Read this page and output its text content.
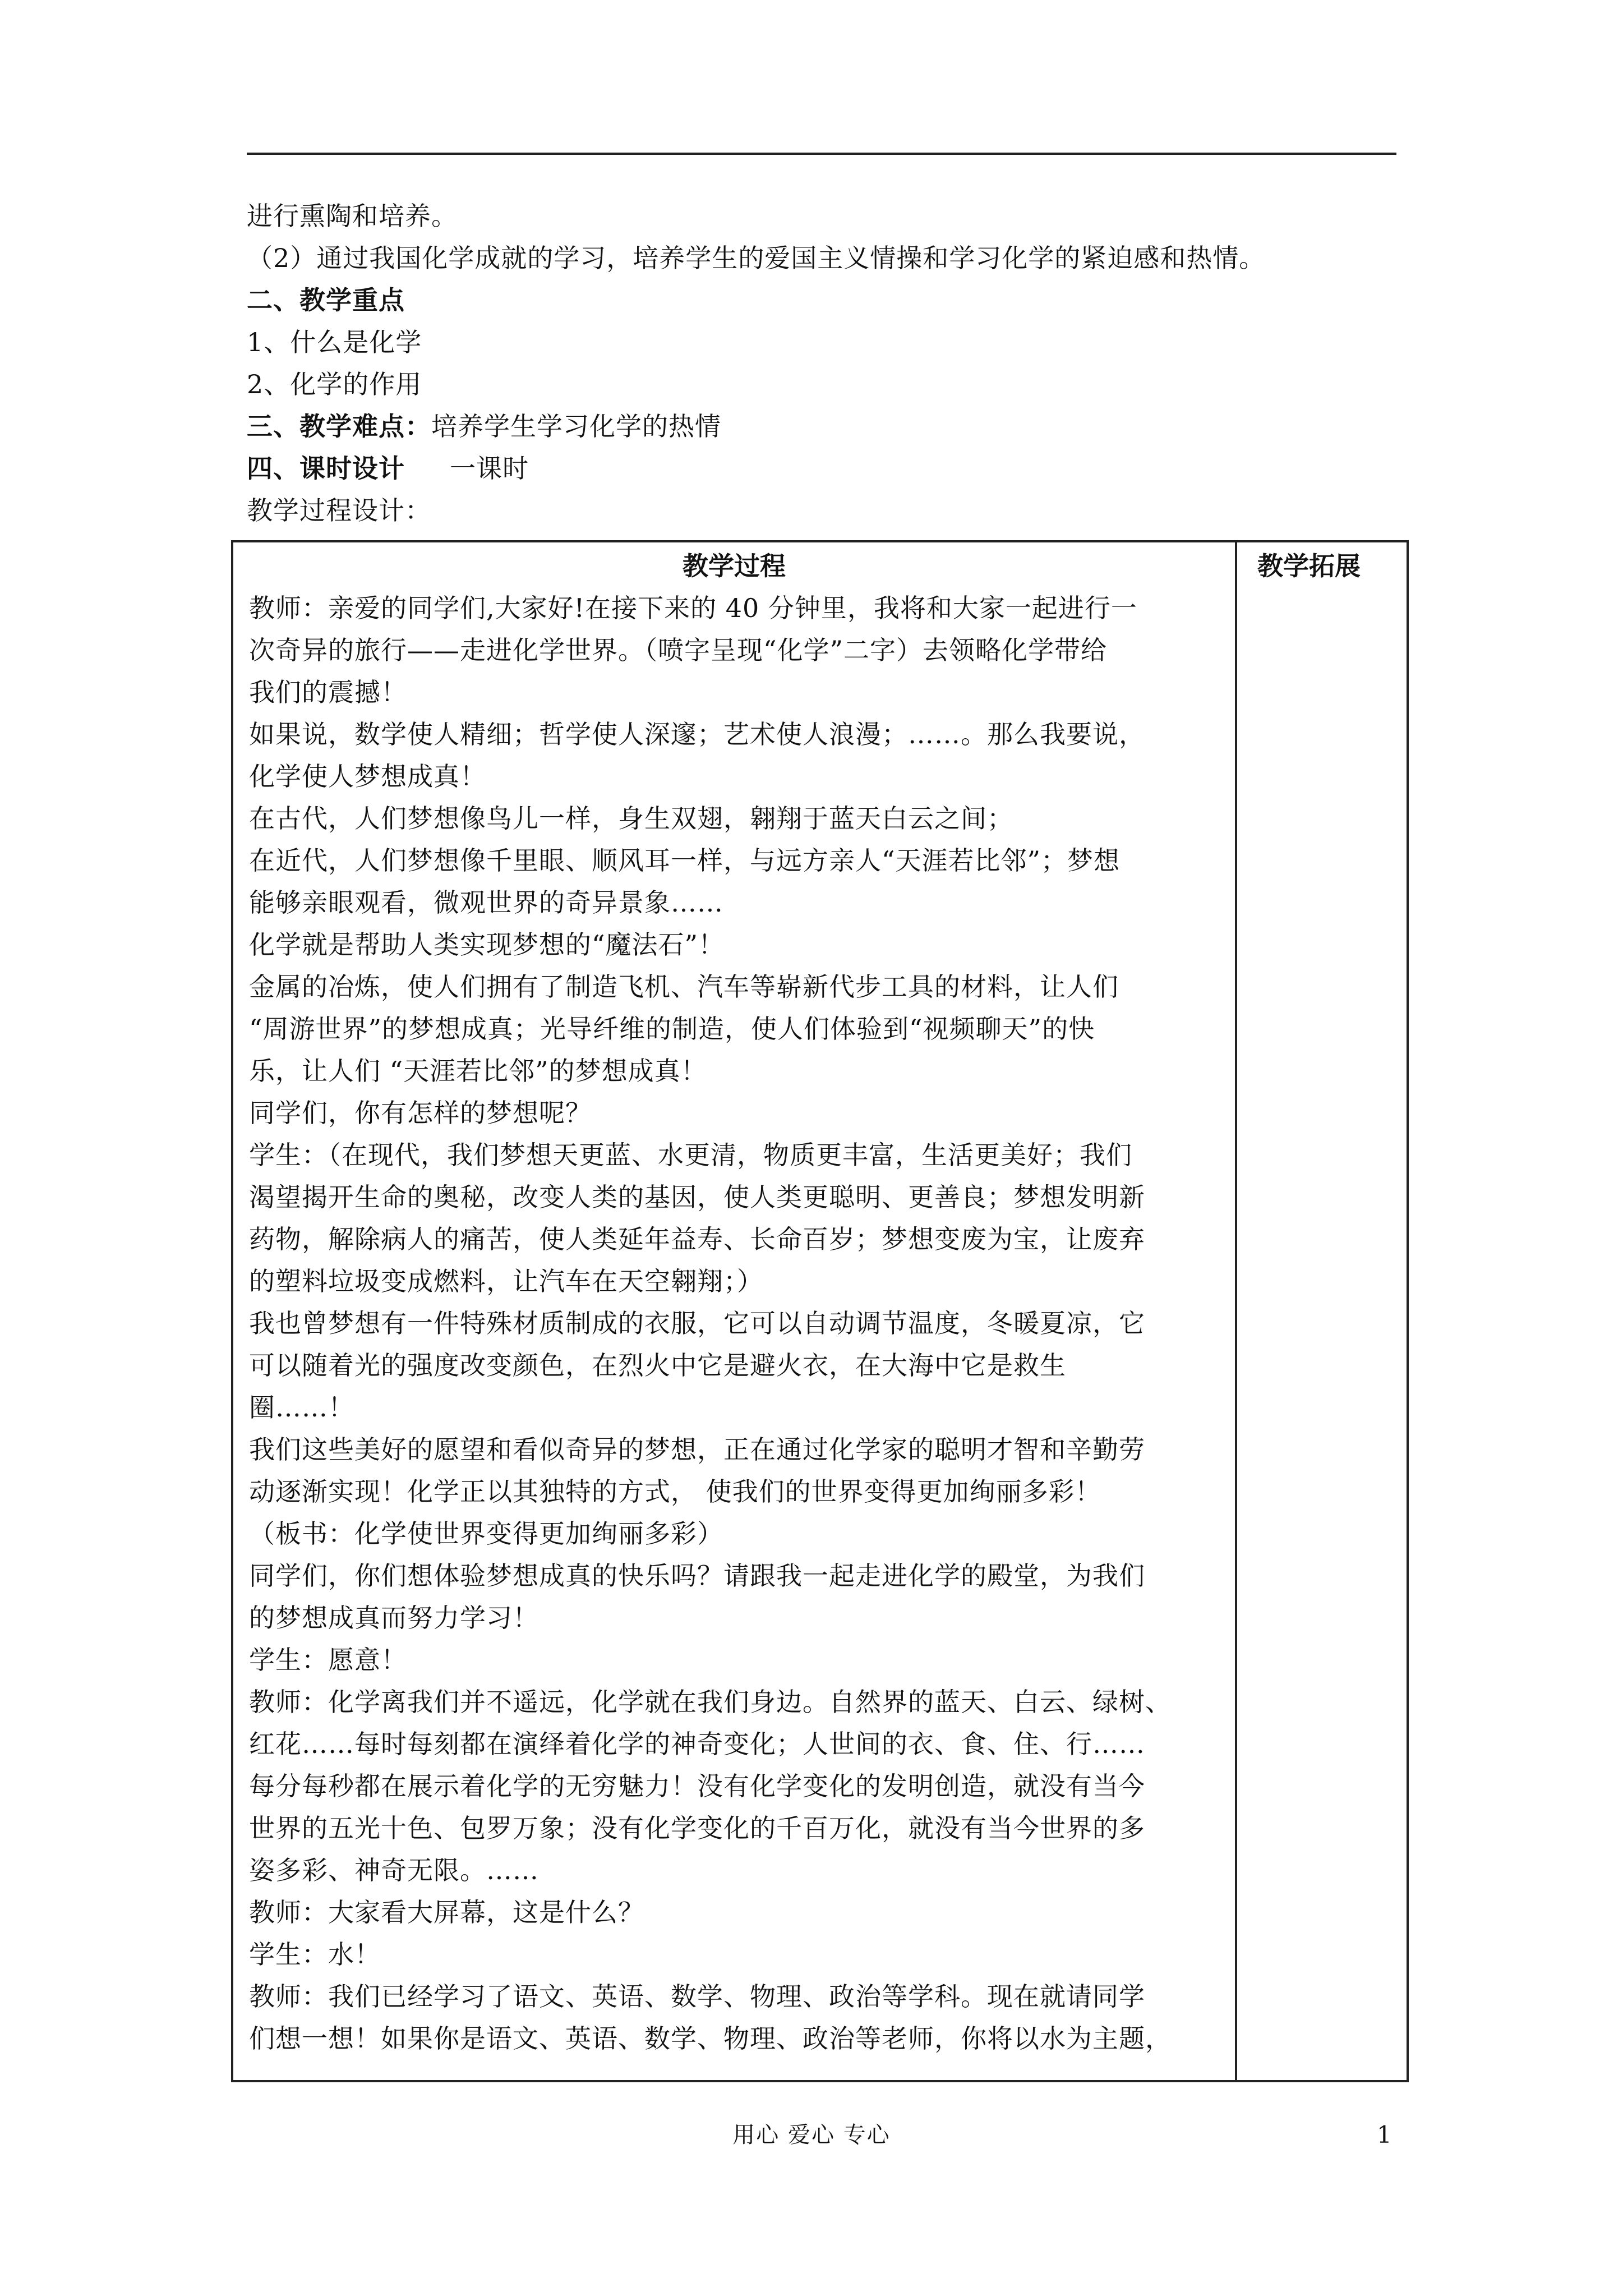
进行熏陶和培养。
（2）通过我国化学成就的学习，培养学生的爱国主义情操和学习化学的紧迫感和热情。
二、教学重点
1、什么是化学
2、化学的作用
三、教学难点：培养学生学习化学的热情
四、课时设计 一课时
教学过程设计：
教学过程	教学拓展
教师：亲爱的同学们,大家好!在接下来的 40 分钟里，我将和大家一起进行一
次奇异的旅行——走进化学世界。（喷字呈现“化学”二字）去领略化学带给
我们的震撼！
如果说，数学使人精细；哲学使人深邃；艺术使人浪漫；……。那么我要说，
化学使人梦想成真！
在古代，人们梦想像鸟儿一样，身生双翅，翱翔于蓝天白云之间；
在近代，人们梦想像千里眼、顺风耳一样，与远方亲人“天涯若比邻”；梦想
能够亲眼观看，微观世界的奇异景象……
化学就是帮助人类实现梦想的“魔法石”！
金属的冶炼，使人们拥有了制造飞机、汽车等崭新代步工具的材料，让人们
“周游世界”的梦想成真；光导纤维的制造，使人们体验到“视频聊天”的快
乐，让人们 “天涯若比邻”的梦想成真！
同学们，你有怎样的梦想呢？
学生：（在现代，我们梦想天更蓝、水更清，物质更丰富，生活更美好；我们
渴望揭开生命的奥秘，改变人类的基因，使人类更聪明、更善良；梦想发明新
药物，解除病人的痛苦，使人类延年益寿、长命百岁；梦想变废为宝，让废弃
的塑料垃圾变成燃料，让汽车在天空翱翔；）
我也曾梦想有一件特殊材质制成的衣服，它可以自动调节温度，冬暖夏凉，它
可以随着光的强度改变颜色，在烈火中它是避火衣，在大海中它是救生
圈……！
我们这些美好的愿望和看似奇异的梦想，正在通过化学家的聪明才智和辛勤劳
动逐渐实现！化学正以其独特的方式， 使我们的世界变得更加绚丽多彩！
（板书：化学使世界变得更加绚丽多彩）
同学们，你们想体验梦想成真的快乐吗？请跟我一起走进化学的殿堂，为我们
的梦想成真而努力学习！
学生：愿意！
教师：化学离我们并不遥远，化学就在我们身边。自然界的蓝天、白云、绿树、
红花……每时每刻都在演绎着化学的神奇变化；人世间的衣、食、住、行……
每分每秒都在展示着化学的无穷魅力！没有化学变化的发明创造，就没有当今
世界的五光十色、包罗万象；没有化学变化的千百万化，就没有当今世界的多
姿多彩、神奇无限。……
教师：大家看大屏幕，这是什么？
学生：水！
教师：我们已经学习了语文、英语、数学、物理、政治等学科。现在就请同学
们想一想！如果你是语文、英语、数学、物理、政治等老师，你将以水为主题，
用心 爱心 专心	1
